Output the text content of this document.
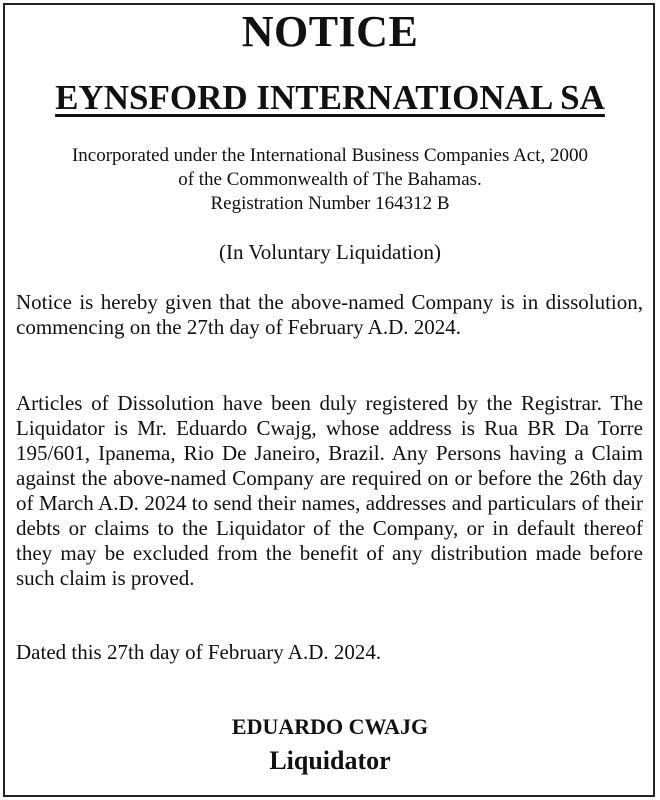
NOTICE
EYNSFORD INTERNATIONAL SA
Incorporated under the International Business Companies Act, 2000
of the Commonwealth of The Bahamas.
Registration Number 164312 B
(In Voluntary Liquidation)

Notice is hereby given that the above-named Company is in dissolution, commencing on the 27th day of February A.D. 2024.

Articles of Dissolution have been duly registered by the Registrar. The Liquidator is Mr. Eduardo Cwajg, whose address is Rua BR Da Torre 195/601, Ipanema, Rio De Janeiro, Brazil. Any Persons having a Claim against the above-named Company are required on or before the 26th day of March A.D. 2024 to send their names, addresses and particulars of their debts or claims to the Liquidator of the Company, or in default thereof they may be excluded from the benefit of any distribution made before such claim is proved.

Dated this 27th day of February A.D. 2024.

EDUARDO CWAJG
Liquidator
